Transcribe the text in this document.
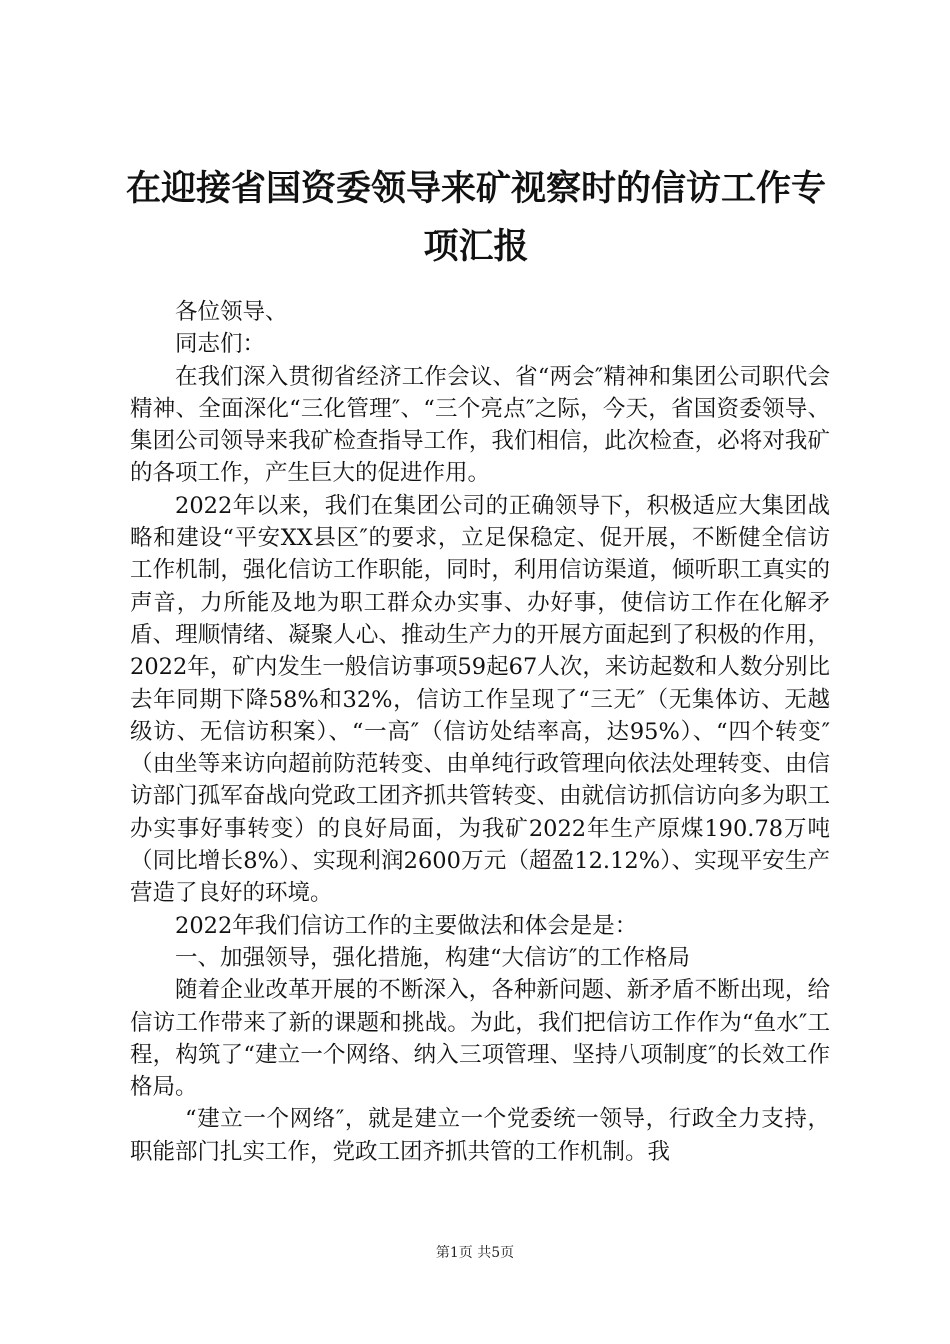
在迎接省国资委领导来矿视察时的信访工作专项汇报

各位领导、

同志们：

在我们深入贯彻省经济工作会议、省“两会″精神和集团公司职代会精神、全面深化“三化管理″、“三个亮点″之际，今天，省国资委领导、集团公司领导来我矿检查指导工作，我们相信，此次检查，必将对我矿的各项工作，产生巨大的促进作用。

2022年以来，我们在集团公司的正确领导下，积极适应大集团战略和建设“平安XX县区″的要求，立足保稳定、促开展，不断健全信访工作机制，强化信访工作职能，同时，利用信访渠道，倾听职工真实的声音，力所能及地为职工群众办实事、办好事，使信访工作在化解矛盾、理顺情绪、凝聚人心、推动生产力的开展方面起到了积极的作用，2022年，矿内发生一般信访事项59起67人次，来访起数和人数分别比去年同期下降58%和32%，信访工作呈现了“三无″（无集体访、无越级访、无信访积案）、“一高″（信访处结率高，达95%）、“四个转变″（由坐等来访向超前防范转变、由单纯行政管理向依法处理转变、由信访部门孤军奋战向党政工团齐抓共管转变、由就信访抓信访向多为职工办实事好事转变）的良好局面，为我矿2022年生产原煤190.78万吨（同比增长8%）、实现利润2600万元（超盈12.12%）、实现平安生产营造了良好的环境。

2022年我们信访工作的主要做法和体会是是：

一、加强领导，强化措施，构建“大信访″的工作格局

随着企业改革开展的不断深入，各种新问题、新矛盾不断出现，给信访工作带来了新的课题和挑战。为此，我们把信访工作作为“鱼水″工程，构筑了“建立一个网络、纳入三项管理、坚持八项制度″的长效工作格局。

“建立一个网络″，就是建立一个党委统一领导，行政全力支持，职能部门扎实工作，党政工团齐抓共管的工作机制。我

第1页 共5页
